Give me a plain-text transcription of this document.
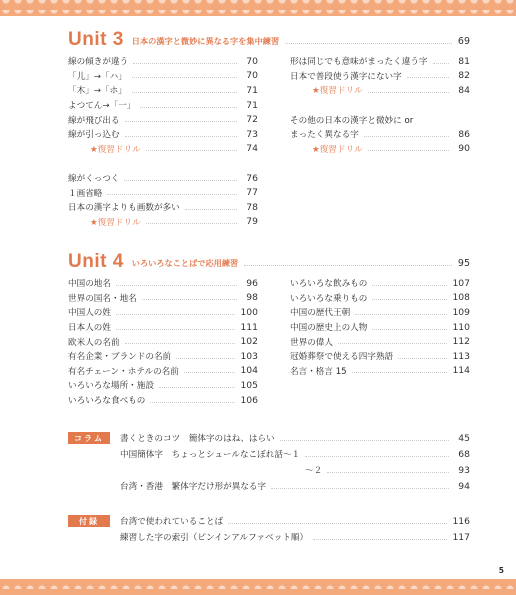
Unit 3 日本の漢字と微妙に異なる字を集中練習	69
線の傾きが違う	70
「儿」→「ハ」	70
「木」→「ホ」	71
よつてん→「一」	71
線が飛び出る	72
線が引っ込む	73
★復習ドリル	74
線がくっつく	76
１画省略	77
日本の漢字よりも画数が多い	78
★復習ドリル	79
形は同じでも意味がまったく違う字	81
日本で普段使う漢字にない字	82
★復習ドリル	84
その他の日本の漢字と微妙に or
まったく異なる字	86
★復習ドリル	90
Unit 4 いろいろなことばで応用練習	95
中国の地名	96
世界の国名・地名	98
中国人の姓	100
日本人の姓	111
欧米人の名前	102
有名企業・ブランドの名前	103
有名チェーン・ホテルの名前	104
いろいろな場所・施設	105
いろいろな食べもの	106
いろいろな飲みもの	107
いろいろな乗りもの	108
中国の歴代王朝	109
中国の歴史上の人物	110
世界の偉人	112
冠婚葬祭で使える四字熟語	113
名言・格言 15	114
コラム	書くときのコツ　簡体字のはね、はらい	45
中国簡体字　ちょっとシュールなこぼれ話～１	68
～２	93
台湾・香港　繁体字だけ形が異なる字	94
付録	台湾で使われていることば	116
練習した字の索引（ピンインアルファベット順）	117
5
